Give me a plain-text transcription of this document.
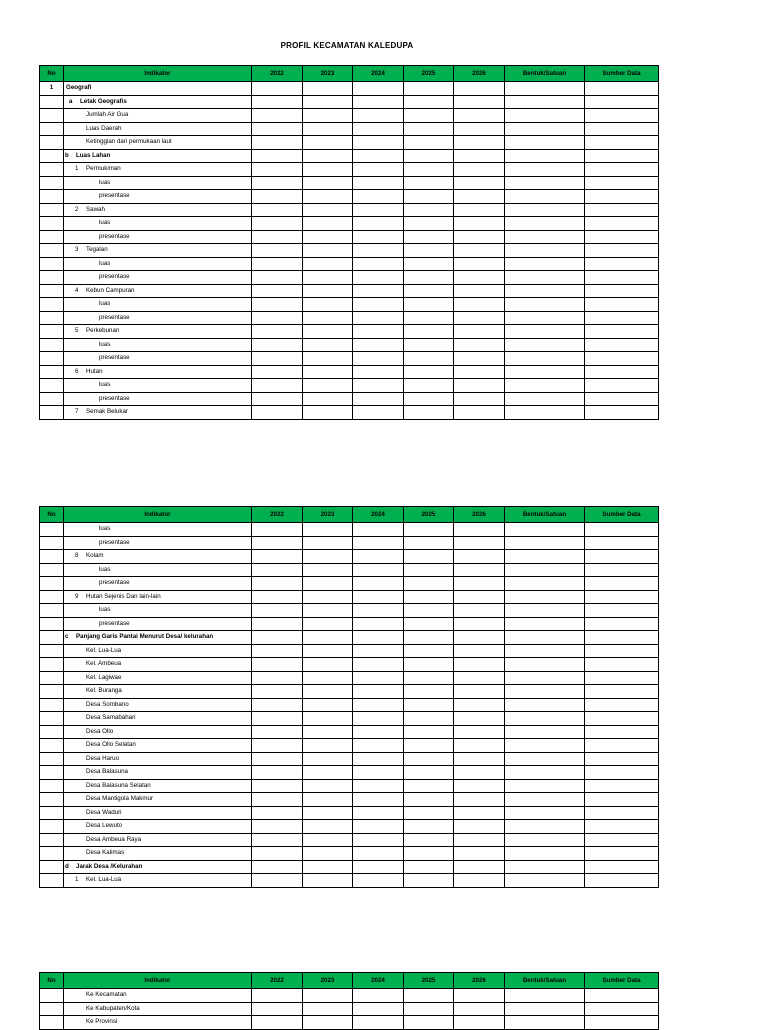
PROFIL KECAMATAN KALEDUPA
No	Indikator	2022	2023	2024	2025	2026	Bentuk/Satuan	Sumber Data
1	Geografi							
	a Letak Geografis							
	Jumlah Air Gua							
	Luas Daerah							
	Ketinggian dari permukaan laut							
	b Luas Lahan							
	1 Permukiman							
	luas							
	presentase							
	2 Sawah							
	luas							
	presentase							
	3 Tegalan							
	luas							
	presentase							
	4 Kebun Campuran							
	luas							
	presentase							
	5 Perkebunan							
	luas							
	presentase							
	6 Hutan							
	luas							
	presentase							
	7 Semak Belukar							
No	Indikator	2022	2023	2024	2025	2026	Bentuk/Satuan	Sumber Data
	luas							
	presentase							
	8 Kolam							
	luas							
	presentase							
	9 Hutan Sejenis Dan lain-lain							
	luas							
	presentase							
	c Panjang Garis Pantai Menurut Desa/ kelurahan							
	Kel. Lua-Lua							
	Kel. Ambeua							
	Kel. Lagiwae							
	Kel. Buranga							
	Desa Sombano							
	Desa Samabahari							
	Desa Ollo							
	Desa Ollo Selatan							
	Desa Haruo							
	Desa Balasuna							
	Desa Balasuna Selatan							
	Desa Mantigola Makmur							
	Desa Waduri							
	Desa Lewuto							
	Desa Ambeua Raya							
	Desa Kalimas							
	d Jarak Desa /Kelurahan							
	1 Kel. Lua-Lua							
No	Indikator	2022	2023	2024	2025	2026	Bentuk/Satuan	Sumber Data
	Ke Kecamatan							
	Ke Kabupaten/Kota							
	Ke Provinsi							
